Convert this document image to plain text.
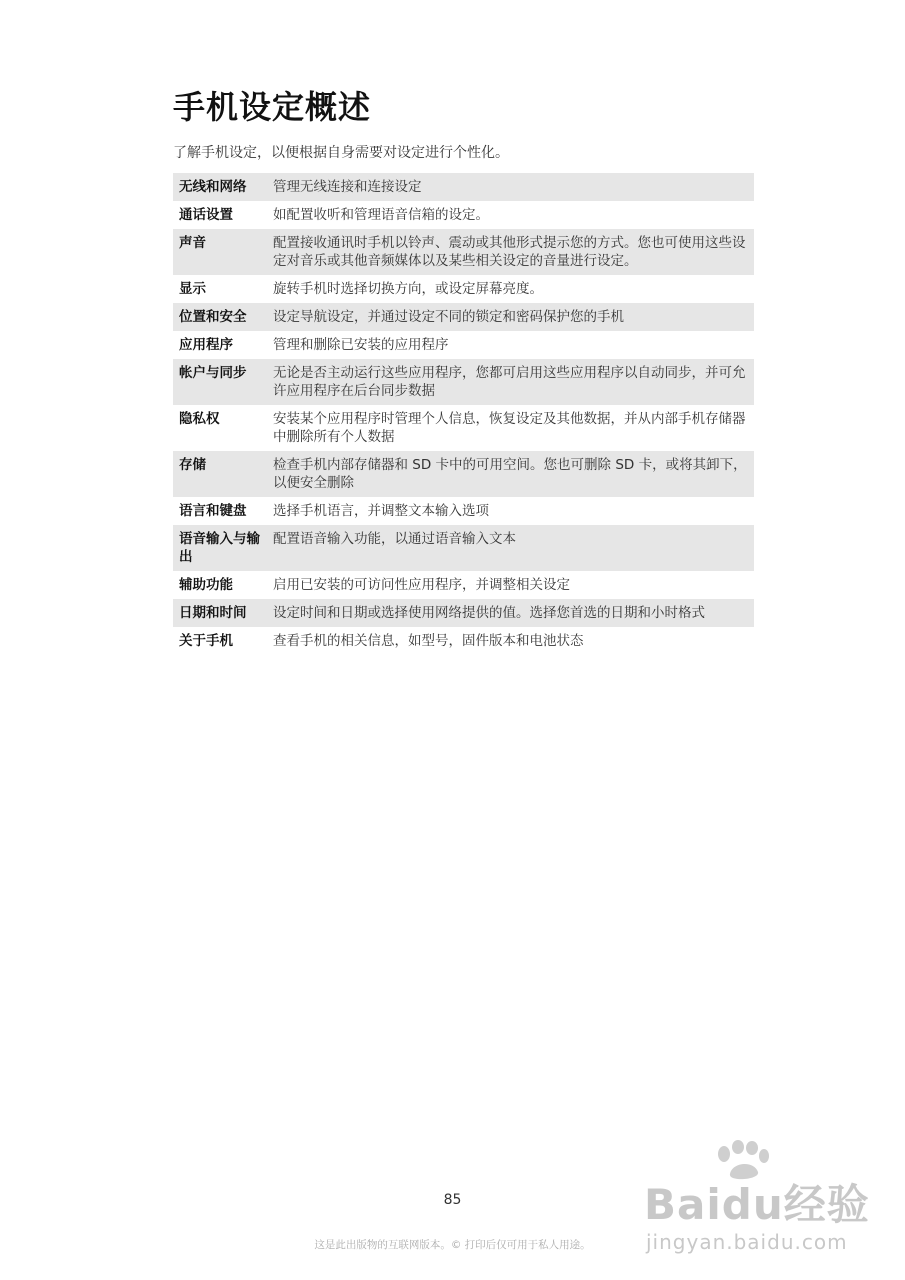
手机设定概述

了解手机设定，以便根据自身需要对设定进行个性化。

无线和网络	管理无线连接和连接设定
通话设置	如配置收听和管理语音信箱的设定。
声音	配置接收通讯时手机以铃声、震动或其他形式提示您的方式。您也可使用这些设定对音乐或其他音频媒体以及某些相关设定的音量进行设定。
显示	旋转手机时选择切换方向，或设定屏幕亮度。
位置和安全	设定导航设定，并通过设定不同的锁定和密码保护您的手机
应用程序	管理和删除已安装的应用程序
帐户与同步	无论是否主动运行这些应用程序，您都可启用这些应用程序以自动同步，并可允许应用程序在后台同步数据
隐私权	安装某个应用程序时管理个人信息，恢复设定及其他数据，并从内部手机存储器中删除所有个人数据
存储	检查手机内部存储器和 SD 卡中的可用空间。您也可删除 SD 卡，或将其卸下，以便安全删除
语言和键盘	选择手机语言，并调整文本输入选项
语音输入与输出	配置语音输入功能，以通过语音输入文本
辅助功能	启用已安装的可访问性应用程序，并调整相关设定
日期和时间	设定时间和日期或选择使用网络提供的值。选择您首选的日期和小时格式
关于手机	查看手机的相关信息，如型号，固件版本和电池状态
85
这是此出版物的互联网版本。© 打印后仅可用于私人用途。
Baidu经验
jingyan.baidu.com
